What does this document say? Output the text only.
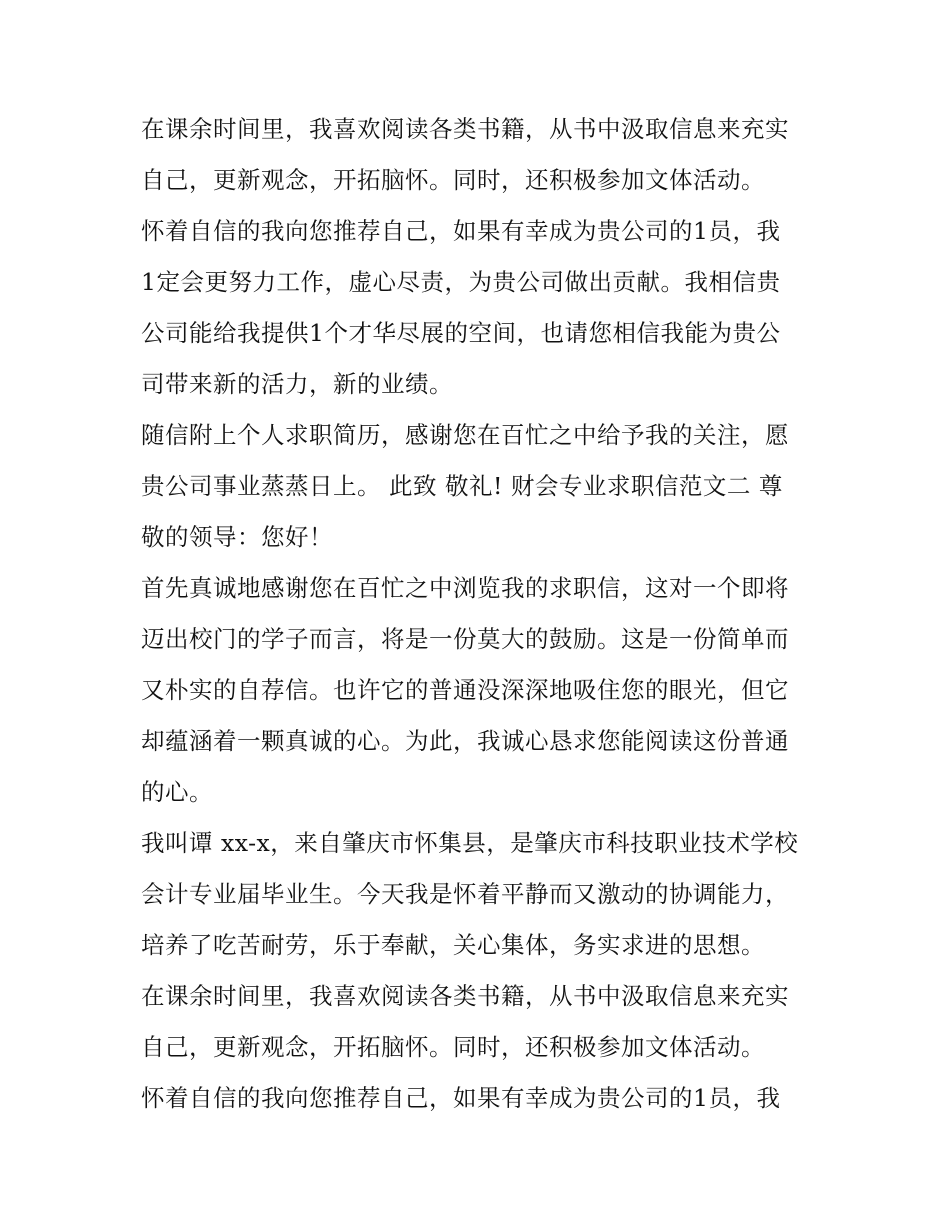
在课余时间里，我喜欢阅读各类书籍，从书中汲取信息来充实
自己，更新观念，开拓脑怀。同时，还积极参加文体活动。
怀着自信的我向您推荐自己，如果有幸成为贵公司的1员，我
1定会更努力工作，虚心尽责，为贵公司做出贡献。我相信贵
公司能给我提供1个才华尽展的空间，也请您相信我能为贵公
司带来新的活力，新的业绩。
随信附上个人求职简历，感谢您在百忙之中给予我的关注，愿
贵公司事业蒸蒸日上。 此致 敬礼! 财会专业求职信范文二 尊
敬的领导：您好！
首先真诚地感谢您在百忙之中浏览我的求职信，这对一个即将
迈出校门的学子而言，将是一份莫大的鼓励。这是一份简单而
又朴实的自荐信。也许它的普通没深深地吸住您的眼光，但它
却蕴涵着一颗真诚的心。为此，我诚心恳求您能阅读这份普通
的心。
我叫谭 xx-x，来自肇庆市怀集县，是肇庆市科技职业技术学校
会计专业届毕业生。今天我是怀着平静而又激动的协调能力，
培养了吃苦耐劳，乐于奉献，关心集体，务实求进的思想。
在课余时间里，我喜欢阅读各类书籍，从书中汲取信息来充实
自己，更新观念，开拓脑怀。同时，还积极参加文体活动。
怀着自信的我向您推荐自己，如果有幸成为贵公司的1员，我
